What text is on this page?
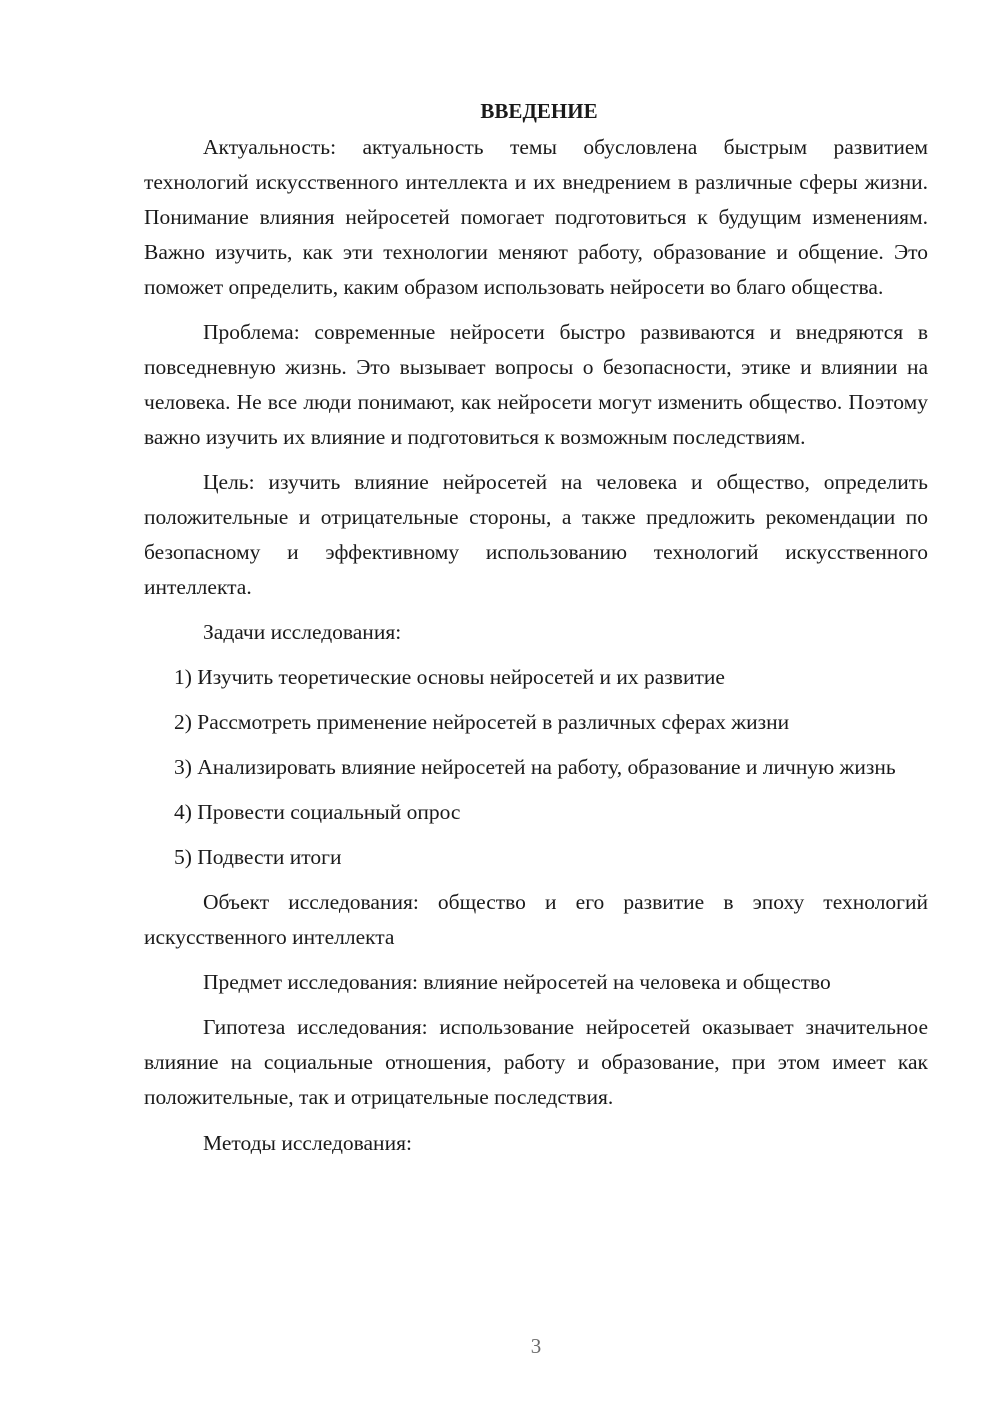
ВВЕДЕНИЕ

Актуальность: актуальность темы обусловлена быстрым развитием технологий искусственного интеллекта и их внедрением в различные сферы жизни. Понимание влияния нейросетей помогает подготовиться к будущим изменениям. Важно изучить, как эти технологии меняют работу, образование и общение. Это поможет определить, каким образом использовать нейросети во благо общества.

Проблема: современные нейросети быстро развиваются и внедряются в повседневную жизнь. Это вызывает вопросы о безопасности, этике и влиянии на человека. Не все люди понимают, как нейросети могут изменить общество. Поэтому важно изучить их влияние и подготовиться к возможным последствиям.

Цель: изучить влияние нейросетей на человека и общество, определить положительные и отрицательные стороны, а также предложить рекомендации по безопасному и эффективному использованию технологий искусственного интеллекта.

Задачи исследования:

1) Изучить теоретические основы нейросетей и их развитие

2) Рассмотреть применение нейросетей в различных сферах жизни

3) Анализировать влияние нейросетей на работу, образование и личную жизнь

4) Провести социальный опрос

5) Подвести итоги

Объект исследования: общество и его развитие в эпоху технологий искусственного интеллекта

Предмет исследования: влияние нейросетей на человека и общество

Гипотеза исследования: использование нейросетей оказывает значительное влияние на социальные отношения, работу и образование, при этом имеет как положительные, так и отрицательные последствия.

Методы исследования:

3
